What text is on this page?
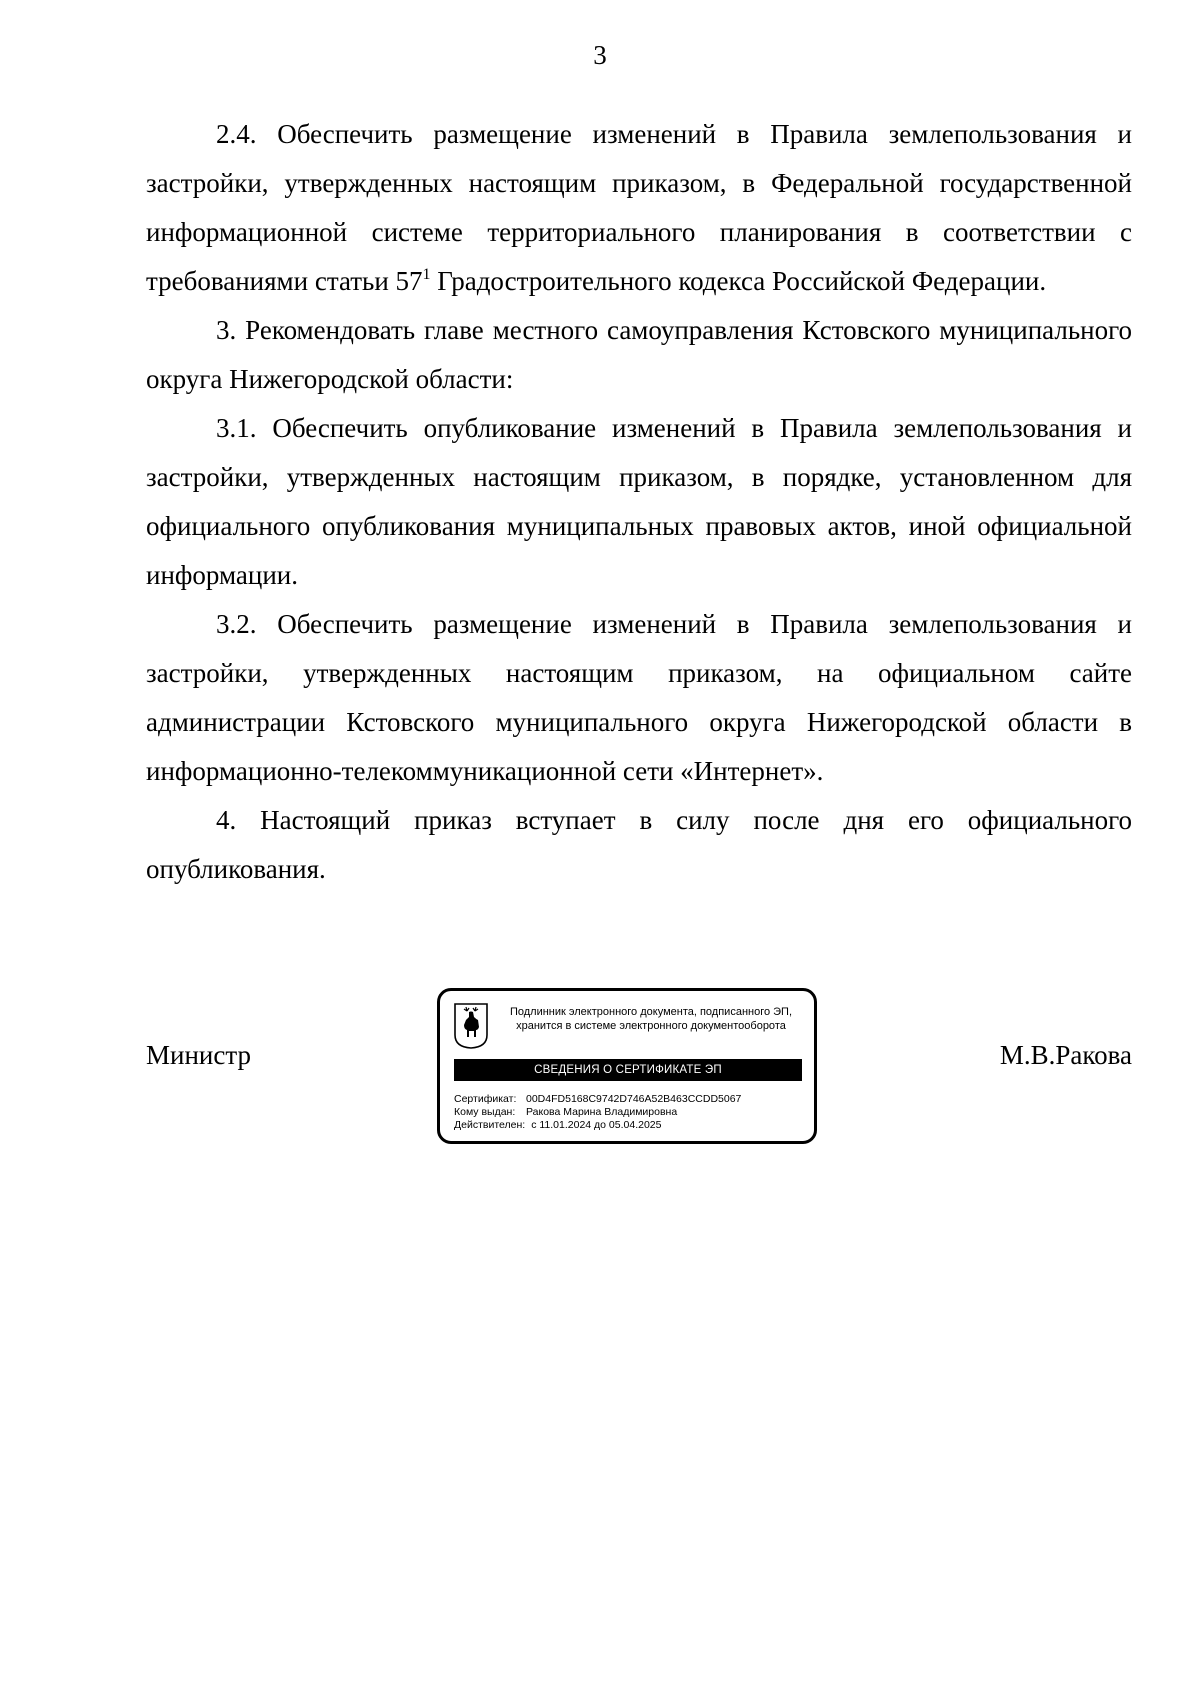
3

2.4. Обеспечить размещение изменений в Правила землепользования и застройки, утвержденных настоящим приказом, в Федеральной государственной информационной системе территориального планирования в соответствии с требованиями статьи $57^1$ Градостроительного кодекса Российской Федерации.

3. Рекомендовать главе местного самоуправления Кстовского муниципального округа Нижегородской области:

3.1. Обеспечить опубликование изменений в Правила землепользования и застройки, утвержденных настоящим приказом, в порядке, установленном для официального опубликования муниципальных правовых актов, иной официальной информации.

3.2. Обеспечить размещение изменений в Правила землепользования и застройки, утвержденных настоящим приказом, на официальном сайте администрации Кстовского муниципального округа Нижегородской области в информационно-телекоммуникационной сети «Интернет».

4. Настоящий приказ вступает в силу после дня его официального опубликования.

Министр	М.В.Ракова
Подлинник электронного документа, подписанного ЭП,
хранится в системе электронного документооборота
СВЕДЕНИЯ О СЕРТИФИКАТЕ ЭП
Сертификат: 00D4FD5168C9742D746A52B463CCDD5067
Кому выдан:	Ракова Марина Владимировна
Действителен: с 11.01.2024 до 05.04.2025
